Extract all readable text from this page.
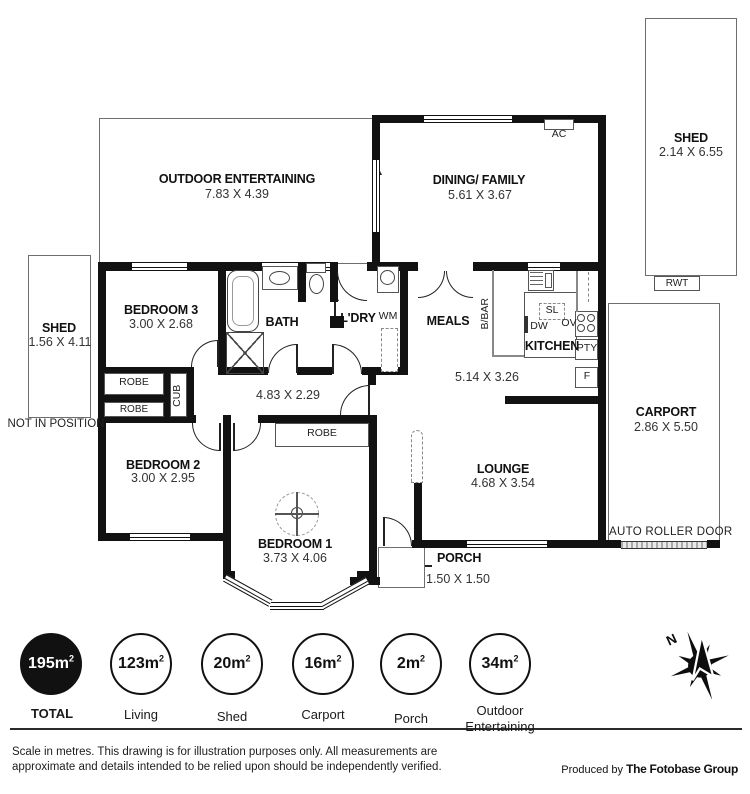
OUTDOOR ENTERTAINING
7.83 X 4.39
DINING/ FAMILY
5.61 X 3.67
SHED
2.14 X 6.55
SHED
1.56 X 4.11
NOT IN POSITION
BEDROOM 3
3.00 X 2.68	BATH	L'DRY WM	MEALS
KITCHEN
5.14 X 3.26
4.83 X 2.29
BEDROOM 2
3.00 X 2.95
BEDROOM 1
3.73 X 4.06
LOUNGE
4.68 X 3.54
CARPORT
2.86 X 5.50
PORCH
1.50 X 1.50
AUTO ROLLER DOOR
ROBE
ROBE
ROBE
CUB
B/BAR
PTY
F
OV
SL
DW
AC
RWT
N
$195m^2$	$123m^2$	$20m^2$	$16m^2$	$2m^2$	$34m^2$
TOTAL	Living	Shed	Carport	Porch
Outdoor
Entertaining
Scale in metres. This drawing is for illustration purposes only. All measurements are
approximate and details intended to be relied upon should be independently verified.	Produced by The Fotobase Group
